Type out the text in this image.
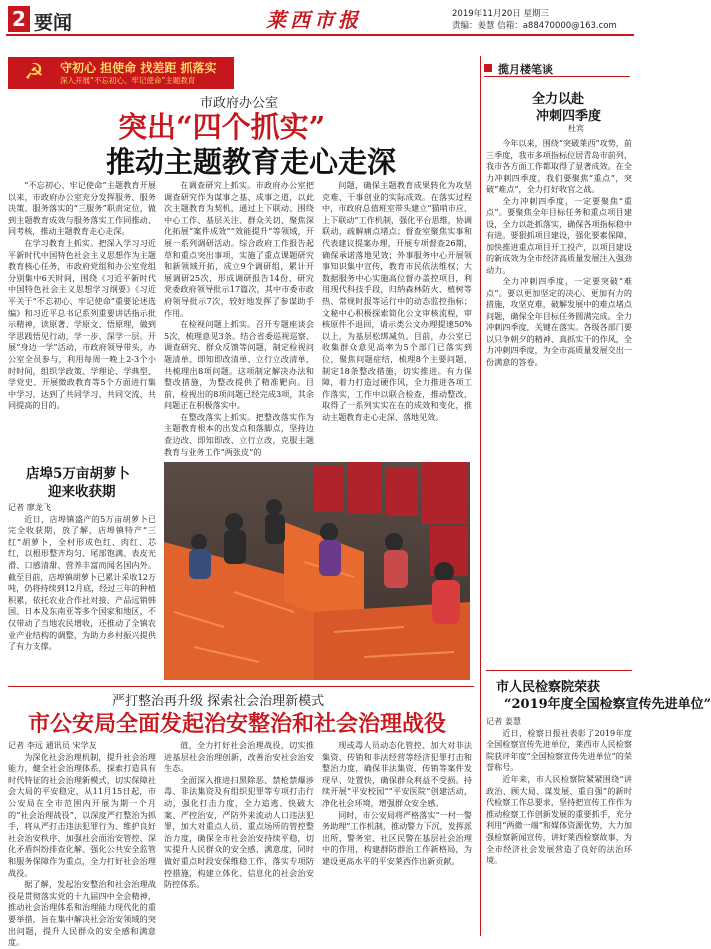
2 要闻	莱西市报	2019年11月20日 星期三
责编：姜慧 信箱：a88470000@163.com
☭	守初心 担使命 找差距 抓落实
深入开展“不忘初心、牢记使命”主题教育
市政府办公室
突出“四个抓实”
推动主题教育走心走深

“不忘初心、牢记使命”主题教育开展以来，市政府办公室充分发挥服务、服务决策、服务落实的“三服务”职责定位，做到主题教育成效与服务落实工作同推动、同考核，推动主题教育走心走深。

在学习教育上抓实。把深入学习习近平新时代中国特色社会主义思想作为主题教育核心任务，市政府党组和办公室党组分别集中6天时间，围绕《习近平新时代中国特色社会主义思想学习纲要》《习近平关于“不忘初心、牢记使命”重要论述选编》和习近平总书记系列重要讲话指示批示精神，读原著、学原文、悟原理，做到学思践悟见行动，学一步、深学一层。开展“身边一学”活动，市政府领导带头，办公室全员参与，利用每周一晚上2-3个小时时间，组织学政策、学理论、学典型、学党史、开展微政教育等5个方面进行集中学习，达到了共同学习、共同交流、共同提高的目的。

在调查研究上抓实。市政府办公室把调查研究作为谋事之基、成事之道，以此次主题教育为契机，通过上下联动、围绕中心工作、基层关注、群众关切、聚焦深化拓展“案件成效”“效能提升”等领域，开展一系列调研活动。综合政府工作报告起草和重点突出事项，实施了重点课题研究和新领域开拓，成立9个调研组，累计开展调研25次，形成调研报告14份，研究党委政府领导批示17篇次，其中市委市政府领导批示7次，较好地发挥了参谋助手作用。

在检视问题上抓实。召开专题座谈会5次，梳理意见3条。结合省委巡视巡察、调查研究、群众反馈等问题，制定检视问题清单、即知即改清单、立行立改清单，共梳理出8项问题。这项制定解决办法和整改措施，为整改提供了精准靶向。目前，检视出的8项问题已经完成3项，其余问题正在积极落实中。

在整改落实上抓实。把整改落实作为主题教育根本的出发点和落脚点，坚持边查边改、即知即改、立行立改，克服主题教育与业务工作“两张皮”的

问题，确保主题教育成果转化为攻坚克难、干事创业的实际成效。在落实过程中，市政府总值班室带头建立“猫哨市应、上下联动”工作机制，强化平台思维，协调联动，疏解痛点堵点；督查室聚焦实事和代表建议提案办理，开展专项督查26期，确保承诺落地见效；外事服务中心开展领事知识集中宣传，教育市民依法维权；大数据服务中心实施高位督办盖控项目，利用现代科技手段，归纳森林防火、植树等热、常规时报等运行中的动态监控指标；文秘中心积极探索简化公文审核流程，审核原件不退回，请示类公文办理提速50%以上，为基层松绑减负。目前，办公室已收集群众意见高率为5个部门已落实到位，聚焦问题症结，梳理8个主要问题，制定18条整改措施，切实推进。有力保障，着力打造过硬作风，全力推进各项工作落实，工作中以联合检查，推动整改，取得了一系列实实在在的成效和变化，推动主题教育走心走深、落地见效。

店埠5万亩胡萝卜
迎来收获期

记者 廖龙飞

近日，店埠镇盛产的5万亩胡萝卜已完全收获期，放了解，店埠镇特产“三红”胡萝卜，全村形成色红、肉红、芯红，以根形整齐均匀、尾部饱满、表皮光滑、口感清甜、营养丰富而闻名国内外。截至目前，店埠镇胡萝卜已累计采收12万吨，仍将持续到12月底，经过三年的种植积累，依托农业合作社对接，产品远销韩国、日本及东南亚等多个国家和地区，不仅带动了当地农民增收，还推动了全镇农业产业结构的调整，为助力乡村振兴提供了有力支撑。

严打整治再升级 探索社会治理新模式
市公安局全面发起治安整治和社会治理战役

记者 李远 通讯员 宋学友

为深化社会治理机制，提升社会治理能力，健全社会治理体系，探索打造具有时代特征的社会治理新模式，切实保障社会大局的平安稳定，从11月15日起，市公安局在全市范围内开展为期一个月的“社会治理战役”，以深度严打整治为抓手，将从严打击违法犯罪行为、维护良好社会治安秩序、加强社会面治安管控、深化矛盾纠纷排查化解、强化公共安全监管和服务保障作为重点，全力打好社会治理战役。

据了解，发起治安整治和社会治理战役是贯彻落实党的十九届四中全会精神，推动社会治理体系和治理能力现代化的重要举措，旨在集中解决社会治安领域的突出问题，提升人民群众的安全感和满意度。

值，全力打好社会治理战役，切实推进基层社会治理创新，改善治安社会治安生态。

全面深入推进扫黑除恶、禁枪禁爆涉毒、非法集资及有组织犯罪等专项打击行动，强化打击力度，全力追逃、快破大案、严控治安，严防外来流动人口违法犯罪，加大对重点人员、重点场所的管控整治力度，确保全市社会治安持续平稳，切实提升人民群众的安全感、满意度，同时做好重点时段安保维稳工作，落实专项防控措施，构建立体化、信息化的社会治安防控体系。

现或毒人员动态化管控、加大对非法集资、传销和非法经营等经济犯罪打击和整治力度，确保非法集资、传销等案件发现早、处置快，确保群众利益不受损。持续开展“平安校园”“平安医院”创建活动，净化社会环境，增强群众安全感。

同时，市公安局将严格落实“一村一警务助理”工作机制，推动警力下沉，发挥派出所、警务室、社区民警在基层社会治理中的作用，构建群防群治工作新格局，为建设更高水平的平安莱西作出新贡献。

揽月楼笔谈
全力以赴
冲刺四季度
杜宾

今年以来，围绕“突破莱西”攻势，前三季度，我市多项指标位居青岛市前列，我市各方面工作都取得了显著成效。在全力冲刺四季度，我们要聚焦“重点”，突破“难点”，全力打好收官之战。

全力冲刺四季度，一定要聚焦“重点”。要聚焦全年目标任务和重点项目建设，全力以赴抓落实，确保各项指标稳中有进。要狠抓项目建设，强化要素保障，加快推进重点项目开工投产，以项目建设的新成效为全市经济高质量发展注入强劲动力。

全力冲刺四季度，一定要突破“难点”。要以更加坚定的决心、更加有力的措施，攻坚克难，破解发展中的难点堵点问题，确保全年目标任务圆满完成。全力冲刺四季度，关键在落实。各级各部门要以只争朝夕的精神、真抓实干的作风，全力冲刺四季度，为全市高质量发展交出一份满意的答卷。

市人民检察院荣获
“2019年度全国检察宣传先进单位”

记者 姜慧

近日，检察日报社表彰了2019年度全国检察宣传先进单位，莱西市人民检察院获评年度“全国检察宣传先进单位”的荣誉称号。

近年来，市人民检察院紧紧围绕“讲政治、顾大局、谋发展、重自强”的新时代检察工作总要求，坚持把宣传工作作为推动检察工作创新发展的重要抓手，充分利用“两微一端”和媒体资源优势，大力加强检察新闻宣传，讲好莱西检察故事，为全市经济社会发展营造了良好的法治环境。
